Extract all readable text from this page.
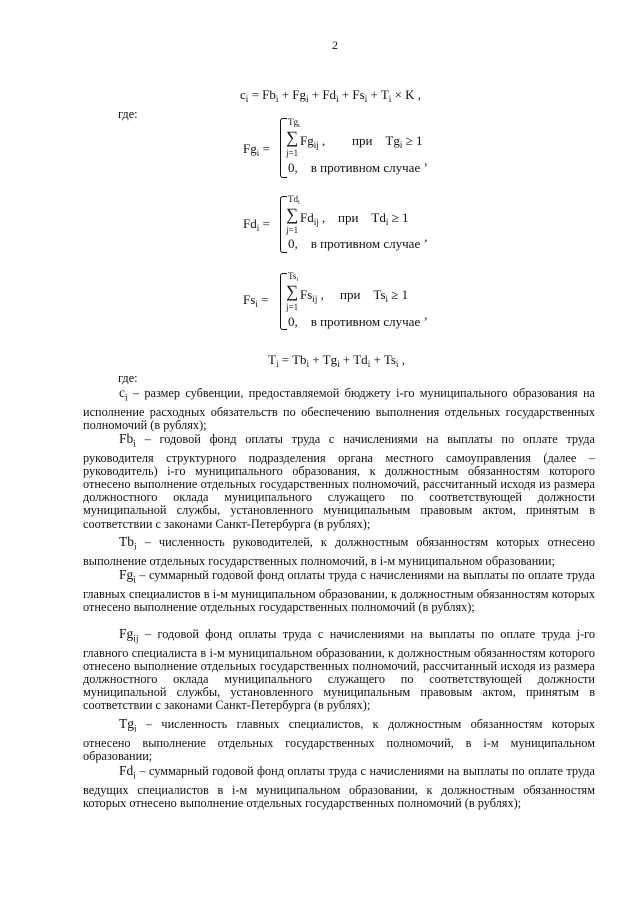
2
$c_i = Fb_i + Fg_i + Fd_i + Fs_i + T_i \times K$ ,
где:
$Fg_i$ =
$Tg_i$
∑ $Fg_{ij}$ ,
j=1
при    $Tg_i \ge 1$
0, в противном случае ’
$Fd_i$ =
$Td_i$
∑ $Fd_{ij}$ ,
j=1
при    $Td_i \ge 1$
0, в противном случае ’
$Fs_i$ =
$Ts_i$
∑ $Fs_{ij}$ ,
j=1
при    $Ts_i \ge 1$
0, в противном случае ’
$T_i = Tb_i + Tg_i + Td_i + Ts_i$ ,
где:
$c_i$ – размер субвенции, предоставляемой бюджету i-го муниципального образования на исполнение расходных обязательств по обеспечению выполнения отдельных государственных полномочий (в рублях);
$Fb_i$ – годовой фонд оплаты труда с начислениями на выплаты по оплате труда руководителя структурного подразделения органа местного самоуправления (далее – руководитель) i-го муниципального образования, к должностным обязанностям которого отнесено выполнение отдельных государственных полномочий, рассчитанный исходя из размера должностного оклада муниципального служащего по соответствующей должности муниципальной службы, установленного муниципальным правовым актом, принятым в соответствии с законами Санкт-Петербурга (в рублях);
$Tb_i$ – численность руководителей, к должностным обязанностям которых отнесено выполнение отдельных государственных полномочий, в i-м муниципальном образовании;
$Fg_i$ – суммарный годовой фонд оплаты труда с начислениями на выплаты по оплате труда главных специалистов в i-м муниципальном образовании, к должностным обязанностям которых отнесено выполнение отдельных государственных полномочий (в рублях);
$Fg_{ij}$ – годовой фонд оплаты труда с начислениями на выплаты по оплате труда j-го главного специалиста в i-м муниципальном образовании, к должностным обязанностям которого отнесено выполнение отдельных государственных полномочий, рассчитанный исходя из размера должностного оклада муниципального служащего по соответствующей должности муниципальной службы, установленного муниципальным правовым актом, принятым в соответствии с законами Санкт-Петербурга (в рублях);
$Tg_i$ – численность главных специалистов, к должностным обязанностям которых отнесено выполнение отдельных государственных полномочий, в i-м муниципальном образовании;
$Fd_i$ – суммарный годовой фонд оплаты труда с начислениями на выплаты по оплате труда ведущих специалистов в i-м муниципальном образовании, к должностным обязанностям которых отнесено выполнение отдельных государственных полномочий (в рублях);
